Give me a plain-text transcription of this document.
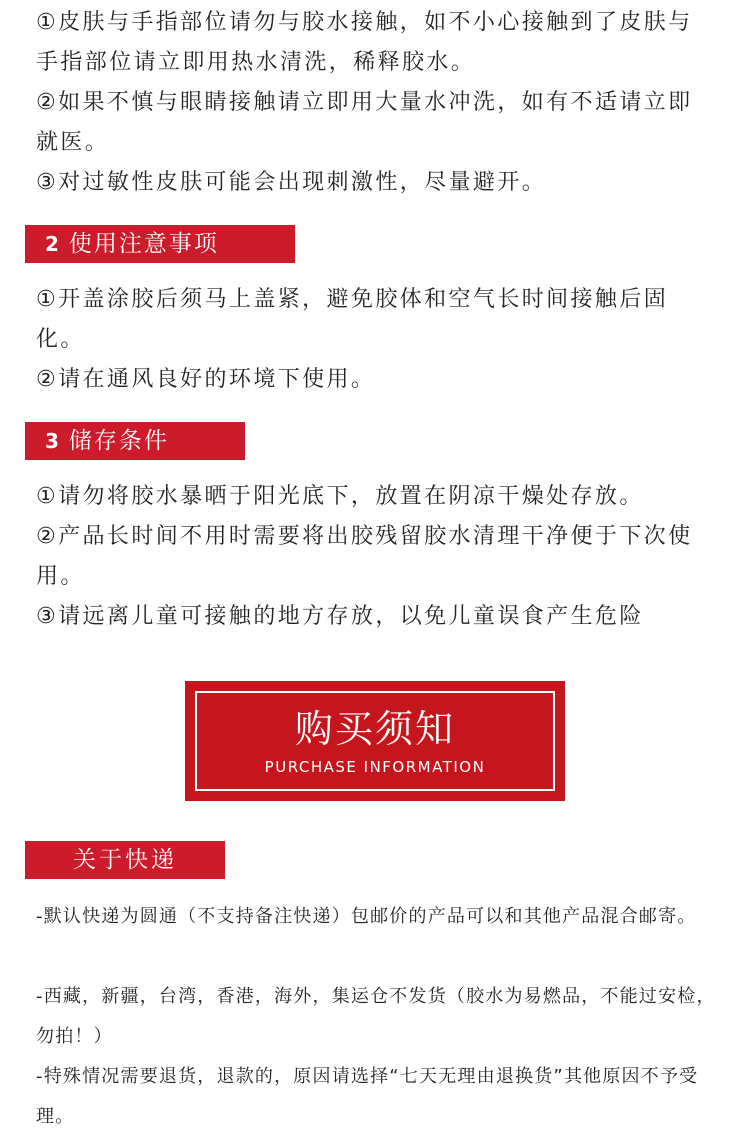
①皮肤与手指部位请勿与胶水接触，如不小心接触到了皮肤与手指部位请立即用热水清洗，稀释胶水。

②如果不慎与眼睛接触请立即用大量水冲洗，如有不适请立即就医。

③对过敏性皮肤可能会出现刺激性，尽量避开。

2 使用注意事项

①开盖涂胶后须马上盖紧，避免胶体和空气长时间接触后固化。

②请在通风良好的环境下使用。

3 储存条件

①请勿将胶水暴晒于阳光底下，放置在阴凉干燥处存放。

②产品长时间不用时需要将出胶残留胶水清理干净便于下次使用。

③请远离儿童可接触的地方存放，以免儿童误食产生危险

购买须知
PURCHASE INFORMATION
关于快递

-默认快递为圆通（不支持备注快递）包邮价的产品可以和其他产品混合邮寄。

-西藏，新疆，台湾，香港，海外，集运仓不发货（胶水为易燃品，不能过安检，勿拍！）

-特殊情况需要退货，退款的，原因请选择“七天无理由退换货”其他原因不予受理。
